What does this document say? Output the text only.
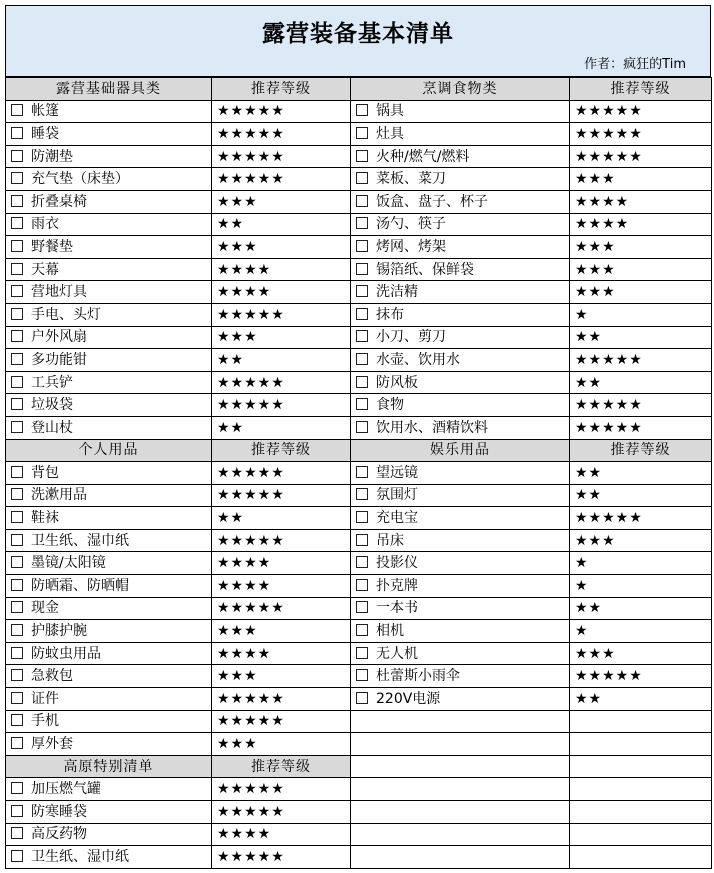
露营装备基本清单
作者：疯狂的Tim
露营基础器具类	推荐等级	烹调食物类	推荐等级
帐篷	★★★★★	锅具	★★★★★
睡袋	★★★★★	灶具	★★★★★
防潮垫	★★★★★	火种/燃气/燃料	★★★★★
充气垫（床垫）	★★★★★	菜板、菜刀	★★★
折叠桌椅	★★★	饭盒、盘子、杯子	★★★★
雨衣	★★	汤勺、筷子	★★★★
野餐垫	★★★	烤网、烤架	★★★
天幕	★★★★	锡箔纸、保鲜袋	★★★
营地灯具	★★★★	洗洁精	★★★
手电、头灯	★★★★★	抹布	★
户外风扇	★★★	小刀、剪刀	★★
多功能钳	★★	水壶、饮用水	★★★★★
工兵铲	★★★★★	防风板	★★
垃圾袋	★★★★★	食物	★★★★★
登山杖	★★	饮用水、酒精饮料	★★★★★
个人用品	推荐等级	娱乐用品	推荐等级
背包	★★★★★	望远镜	★★
洗漱用品	★★★★★	氛围灯	★★
鞋袜	★★	充电宝	★★★★★
卫生纸、湿巾纸	★★★★★	吊床	★★★
墨镜/太阳镜	★★★★	投影仪	★
防晒霜、防晒帽	★★★★	扑克牌	★
现金	★★★★★	一本书	★★
护膝护腕	★★★	相机	★
防蚊虫用品	★★★★	无人机	★★★
急救包	★★★	杜蕾斯小雨伞	★★★★★
证件	★★★★★	220V电源	★★
手机	★★★★★		
厚外套	★★★		
高原特别清单	推荐等级		
加压燃气罐	★★★★★		
防寒睡袋	★★★★★		
高反药物	★★★★		
卫生纸、湿巾纸	★★★★★		
